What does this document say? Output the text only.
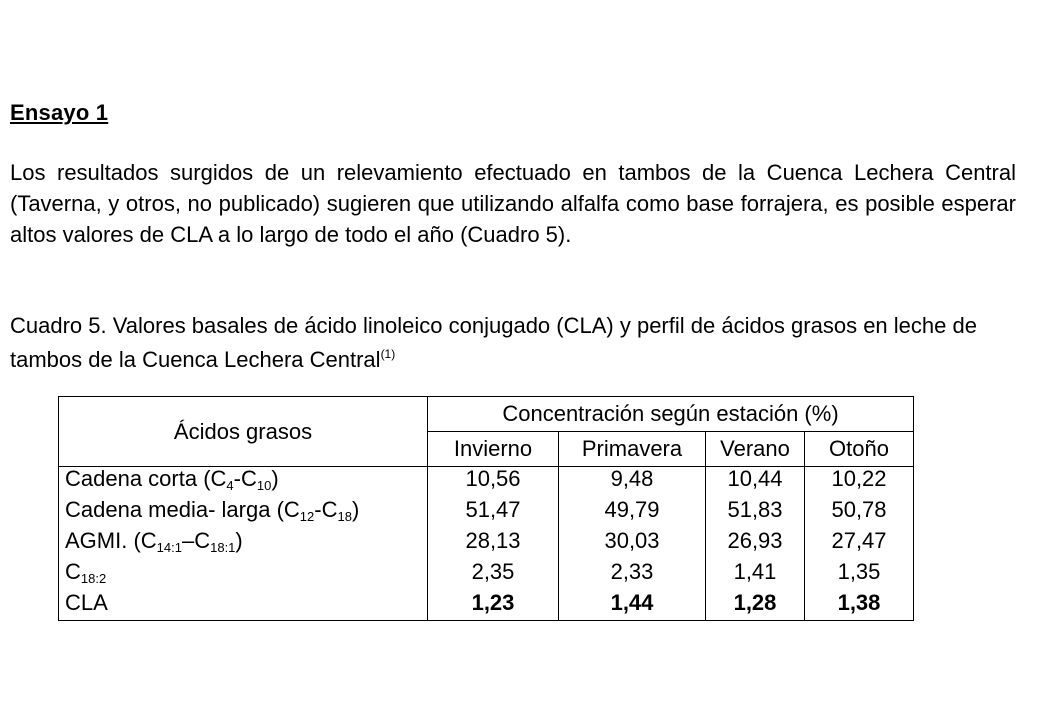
Ensayo 1

Los resultados surgidos de un relevamiento efectuado en tambos de la Cuenca Lechera Central (Taverna, y otros, no publicado) sugieren que utilizando alfalfa como base forrajera, es posible esperar altos valores de CLA a lo largo de todo el año (Cuadro 5).

Cuadro 5. Valores basales de ácido linoleico conjugado (CLA) y perfil de ácidos grasos en leche de tambos de la Cuenca Lechera Central$^{(1)}$

Ácidos grasos	Concentración según estación (%)			
	Invierno	Primavera	Verano	Otoño
Cadena corta $(C_4-C_{10})$	10,56	9,48	10,44	10,22
Cadena media- larga $(C_{12}-C_{18})$	51,47	49,79	51,83	50,78
AGMI. $(C_{14:1}-C_{18:1})$	28,13	30,03	26,93	27,47
$C_{18:2}$	2,35	2,33	1,41	1,35
CLA	1,23	1,44	1,28	1,38
